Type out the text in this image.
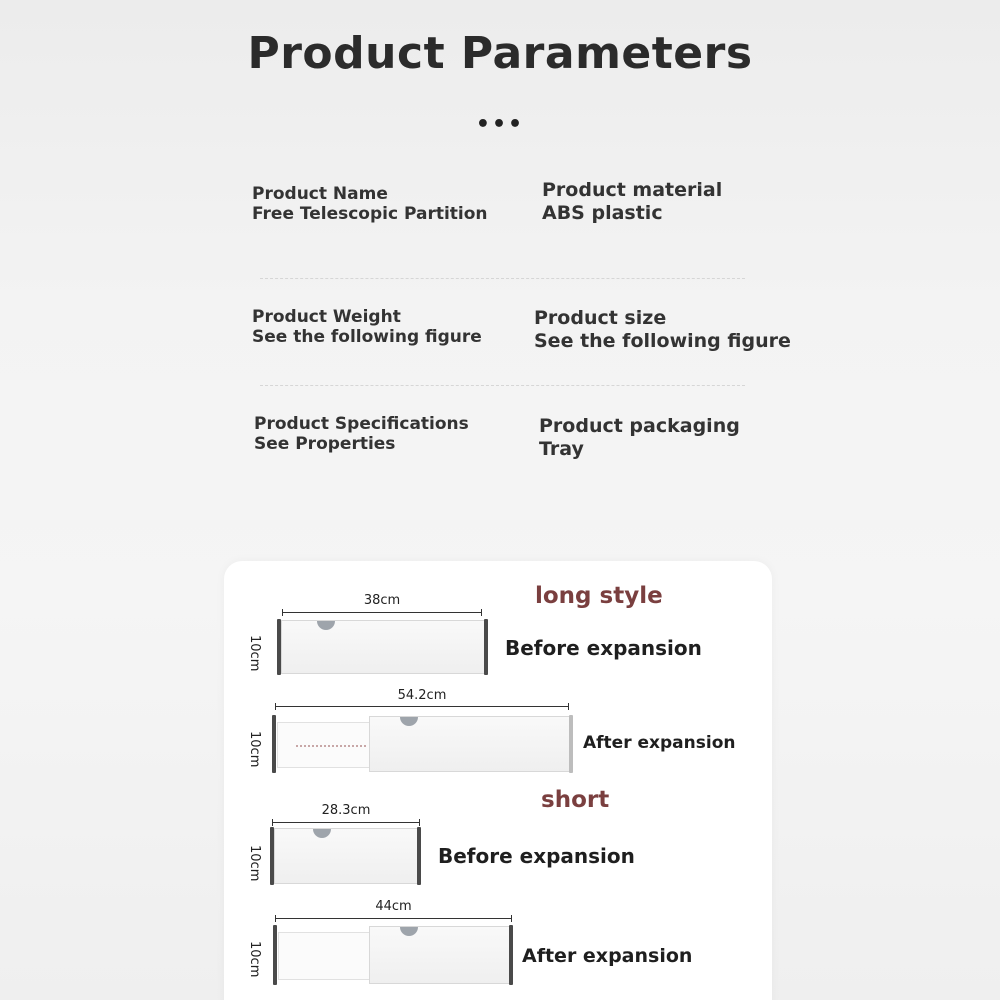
Product Parameters
•••
Product Name
Free Telescopic Partition
Product material
ABS plastic
Product Weight
See the following figure
Product size
See the following figure
Product Specifications
See Properties
Product packaging
Tray
long style
short
38cm
10cm	Before expansion
54.2cm
10cm	After expansion
28.3cm
10cm	Before expansion
44cm
10cm	After expansion
